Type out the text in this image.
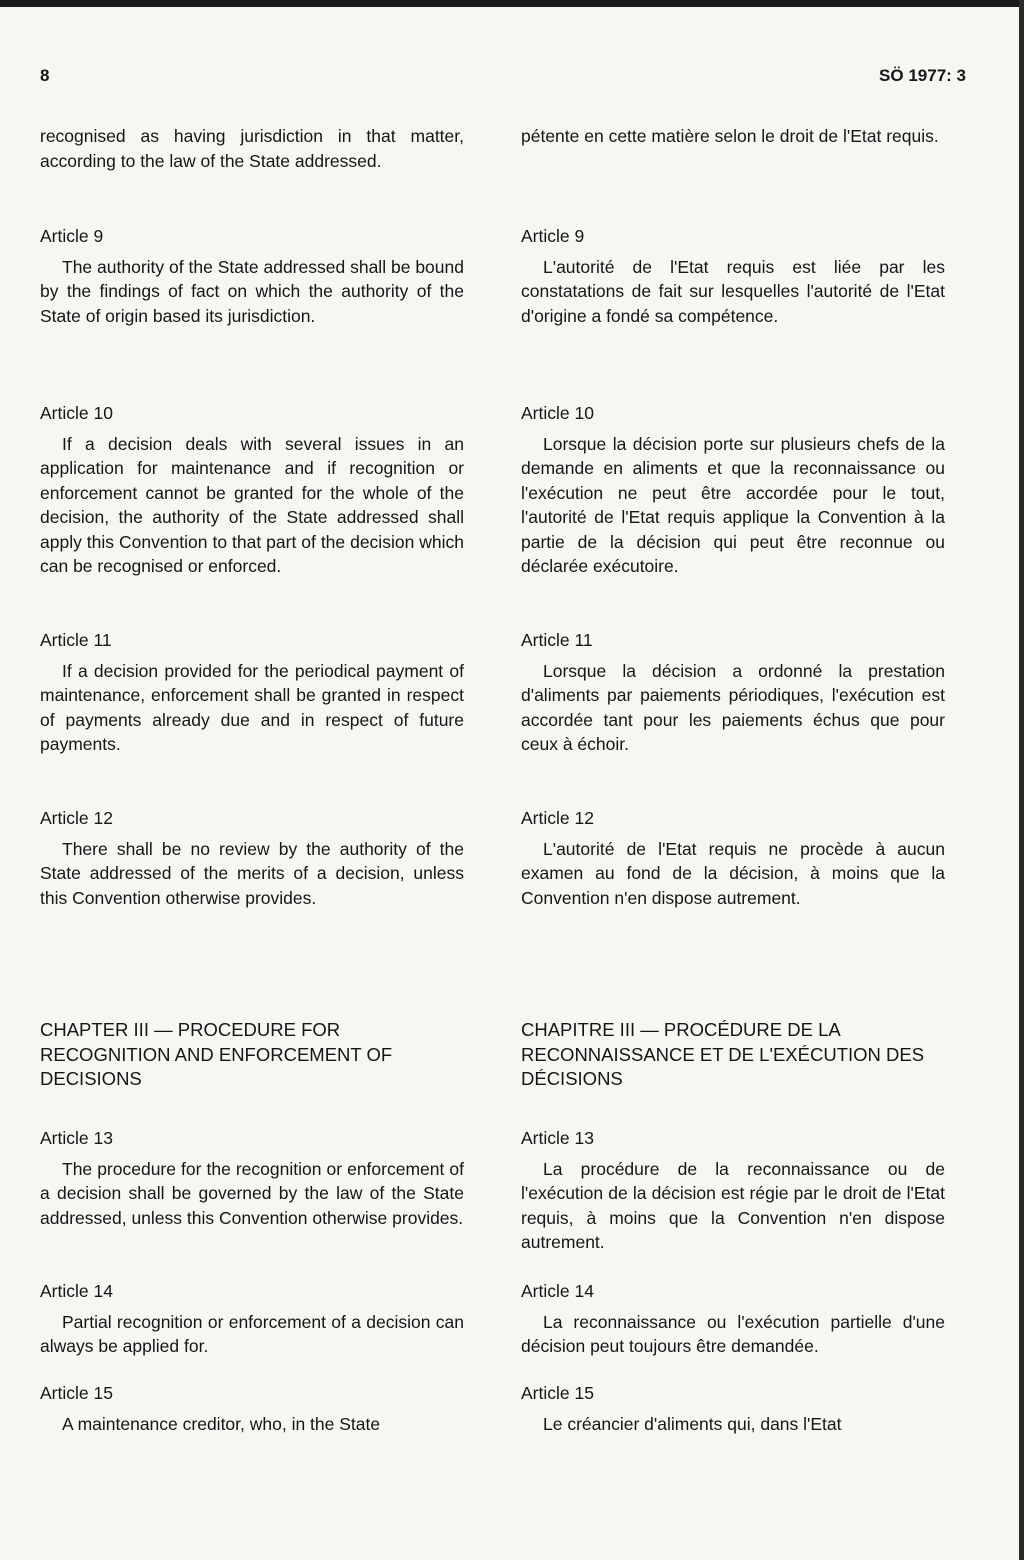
8	SÖ 1977: 3

recognised as having jurisdiction in that matter, according to the law of the State addressed.

Article 9

The authority of the State addressed shall be bound by the findings of fact on which the authority of the State of origin based its jurisdiction.

Article 10

If a decision deals with several issues in an application for maintenance and if recognition or enforcement cannot be granted for the whole of the decision, the authority of the State addressed shall apply this Convention to that part of the decision which can be recognised or enforced.

Article 11

If a decision provided for the periodical payment of maintenance, enforcement shall be granted in respect of payments already due and in respect of future payments.

Article 12

There shall be no review by the authority of the State addressed of the merits of a decision, unless this Convention otherwise provides.

CHAPTER III — PROCEDURE FOR RECOGNITION AND ENFORCEMENT OF DECISIONS

Article 13

The procedure for the recognition or enforcement of a decision shall be governed by the law of the State addressed, unless this Convention otherwise provides.

Article 14

Partial recognition or enforcement of a decision can always be applied for.

Article 15

A maintenance creditor, who, in the State

pétente en cette matière selon le droit de l'Etat requis.

Article 9

L'autorité de l'Etat requis est liée par les constatations de fait sur lesquelles l'autorité de l'Etat d'origine a fondé sa compétence.

Article 10

Lorsque la décision porte sur plusieurs chefs de la demande en aliments et que la reconnaissance ou l'exécution ne peut être accordée pour le tout, l'autorité de l'Etat requis applique la Convention à la partie de la décision qui peut être reconnue ou déclarée exécutoire.

Article 11

Lorsque la décision a ordonné la prestation d'aliments par paiements périodiques, l'exécution est accordée tant pour les paiements échus que pour ceux à échoir.

Article 12

L'autorité de l'Etat requis ne procède à aucun examen au fond de la décision, à moins que la Convention n'en dispose autrement.

CHAPITRE III — PROCÉDURE DE LA RECONNAISSANCE ET DE L'EXÉCUTION DES DÉCISIONS

Article 13

La procédure de la reconnaissance ou de l'exécution de la décision est régie par le droit de l'Etat requis, à moins que la Convention n'en dispose autrement.

Article 14

La reconnaissance ou l'exécution partielle d'une décision peut toujours être demandée.

Article 15

Le créancier d'aliments qui, dans l'Etat
